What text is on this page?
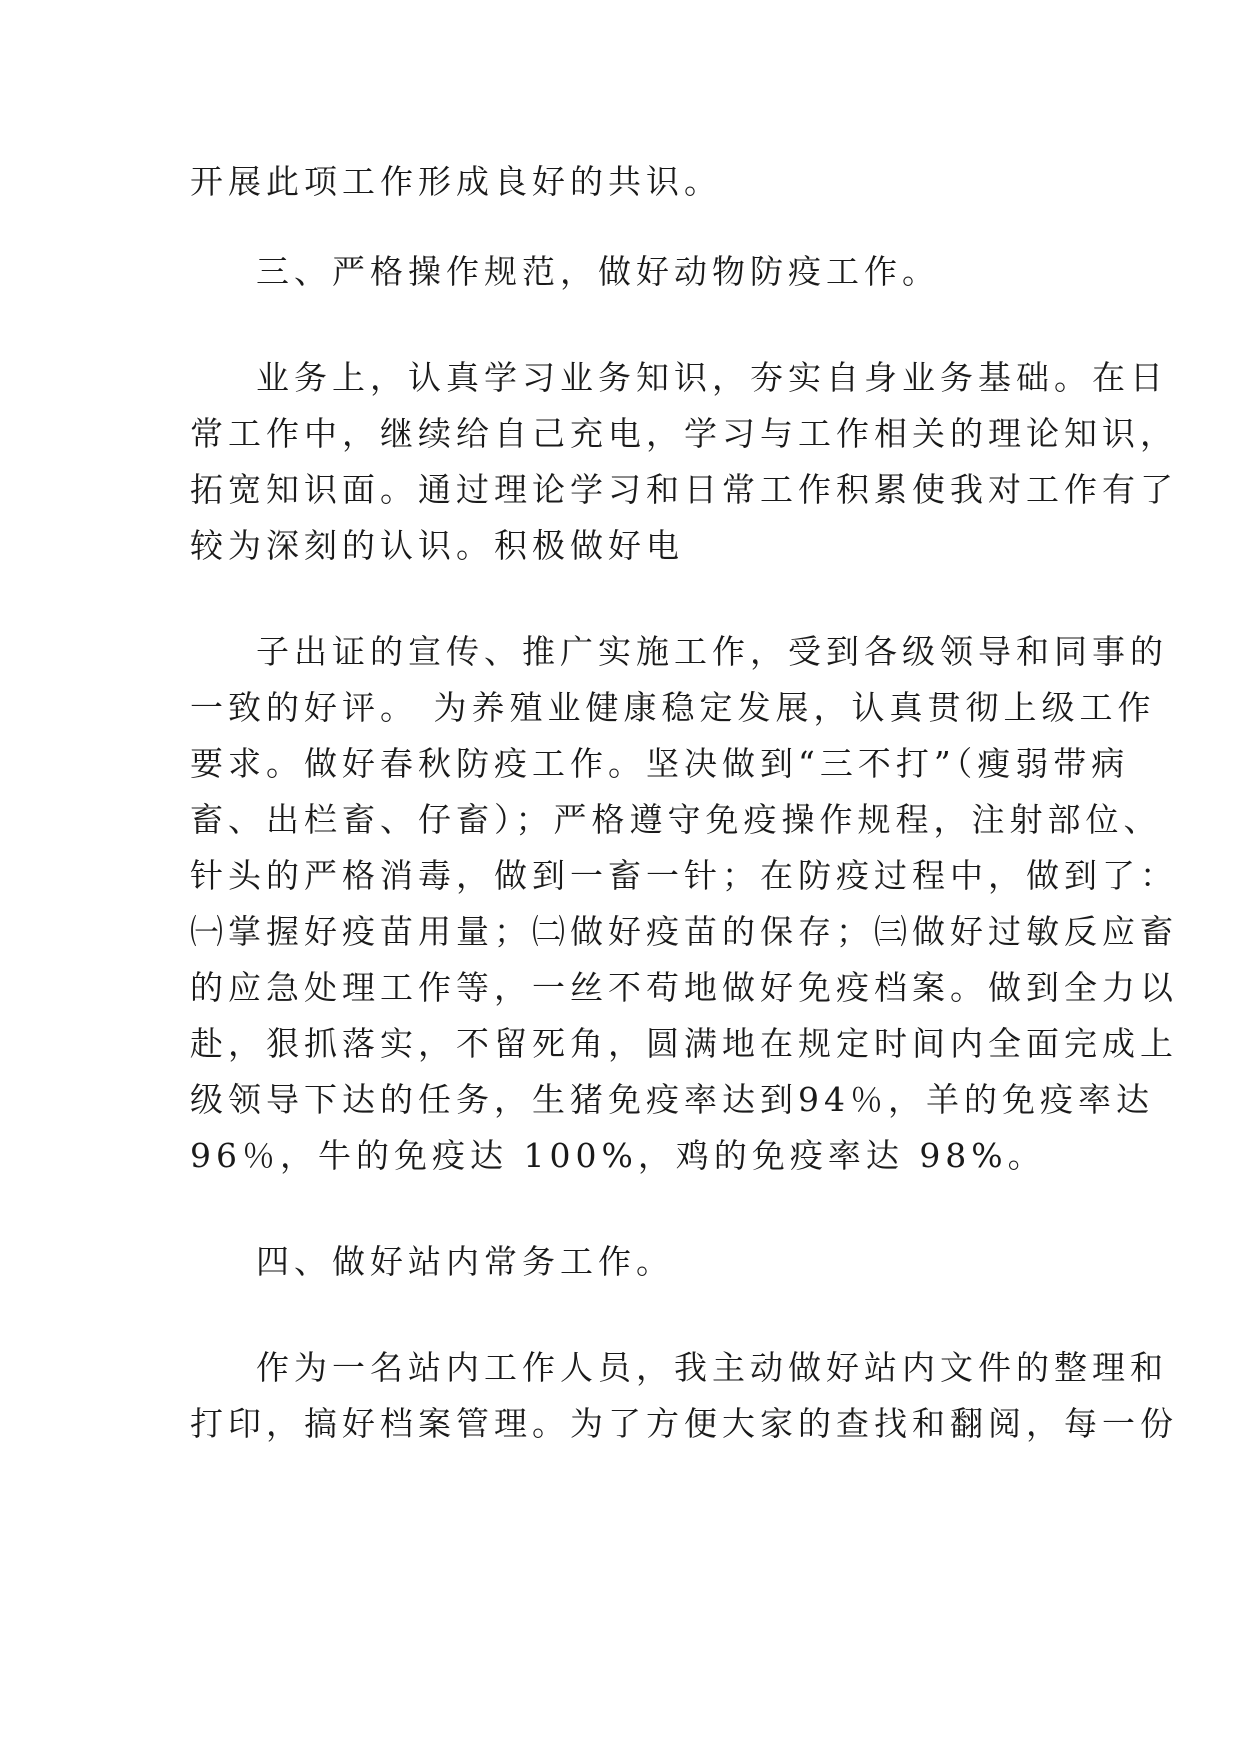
开展此项工作形成良好的共识。
三、严格操作规范，做好动物防疫工作。
业务上，认真学习业务知识，夯实自身业务基础。在日
常工作中，继续给自己充电，学习与工作相关的理论知识，
拓宽知识面。通过理论学习和日常工作积累使我对工作有了
较为深刻的认识。积极做好电
子出证的宣传、推广实施工作，受到各级领导和同事的
一致的好评。 为养殖业健康稳定发展，认真贯彻上级工作
要求。做好春秋防疫工作。坚决做到“三不打”（瘦弱带病
畜、出栏畜、仔畜）；严格遵守免疫操作规程，注射部位、
针头的严格消毒，做到一畜一针；在防疫过程中，做到了：
㈠掌握好疫苗用量；㈡做好疫苗的保存；㈢做好过敏反应畜
的应急处理工作等，一丝不苟地做好免疫档案。做到全力以
赴，狠抓落实，不留死角，圆满地在规定时间内全面完成上
级领导下达的任务，生猪免疫率达到94％，羊的免疫率达
96％，牛的免疫达 100%，鸡的免疫率达 98%。
四、做好站内常务工作。
作为一名站内工作人员，我主动做好站内文件的整理和
打印，搞好档案管理。为了方便大家的查找和翻阅，每一份
